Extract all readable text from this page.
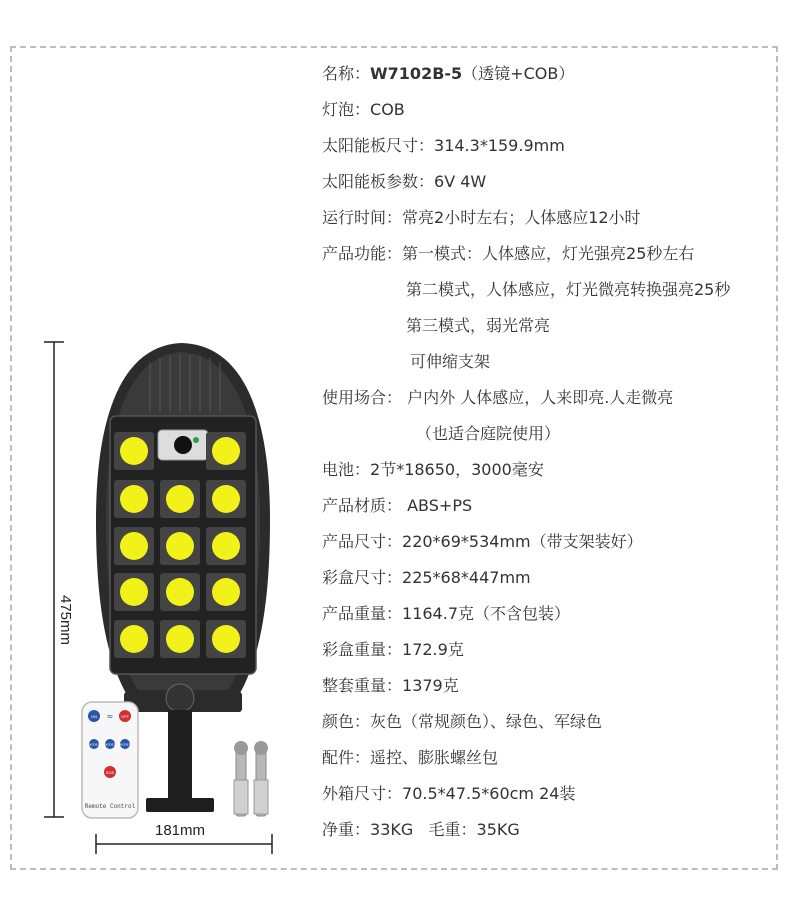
名称：W7102B-5（透镜+COB）
灯泡：COB
太阳能板尺寸：314.3*159.9mm
太阳能板参数：6V 4W
运行时间：常亮2小时左右；人体感应12小时
产品功能：第一模式：人体感应，灯光强亮25秒左右
第二模式，人体感应，灯光微亮转换强亮25秒
第三模式，弱光常亮
可伸缩支架
使用场合： 户内外 人体感应，人来即亮.人走微亮
（也适合庭院使用）
电池：2节*18650，3000毫安
产品材质： ABS+PS
产品尺寸：220*69*534mm（带支架装好）
彩盒尺寸：225*68*447mm
产品重量：1164.7克（不含包装）
彩盒重量：172.9克
整套重量：1379克
颜色：灰色（常规颜色）、绿色、军绿色
配件：遥控、膨胀螺丝包
外箱尺寸：70.5*47.5*60cm 24装
净重：33KG 毛重：35KG
ON	OFF
MODE1 MODE2 MODE3
SOS
≈
Remote Control
475mm
181mm
